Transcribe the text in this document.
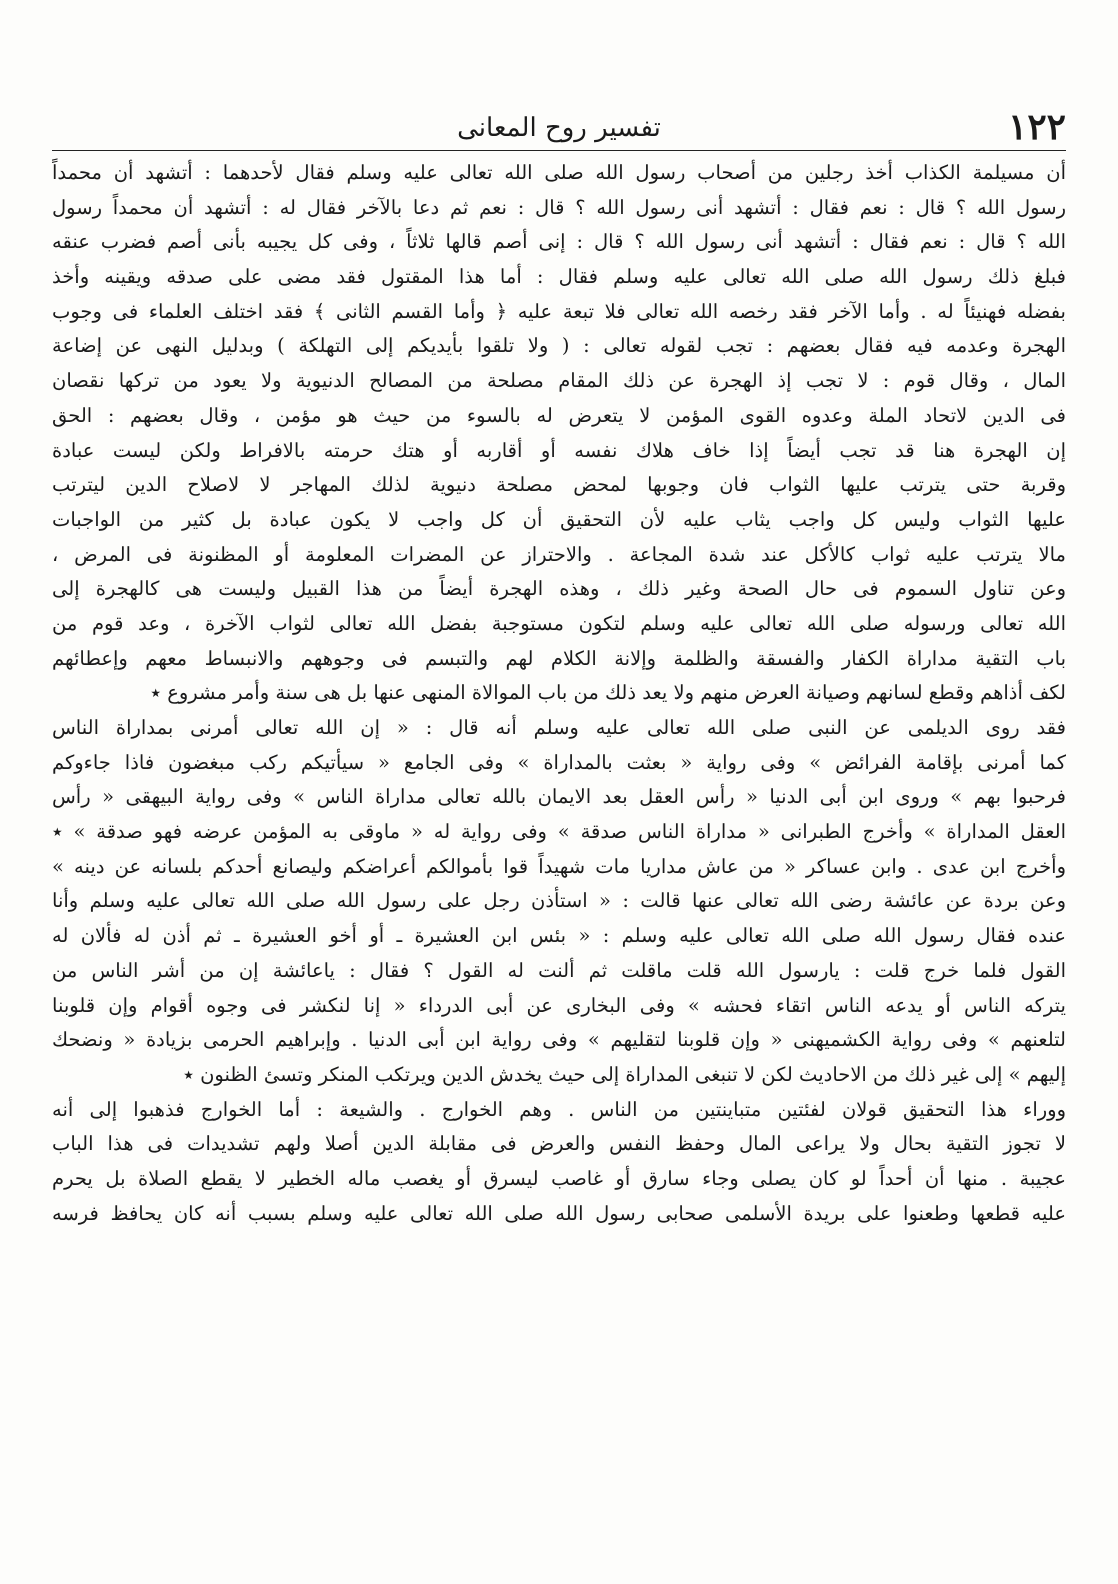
١٢٢
تفسير روح المعانى
أن مسيلمة الكذاب أخذ رجلين من أصحاب رسول الله صلى الله تعالى عليه وسلم فقال لأحدهما : أتشهد أن محمداً
رسول الله ؟ قال : نعم فقال : أتشهد أنى رسول الله ؟ قال : نعم ثم دعا بالآخر فقال له : أتشهد أن محمداً رسول
الله ؟ قال : نعم فقال : أتشهد أنى رسول الله ؟ قال : إنى أصم قالها ثلاثاً ، وفى كل يجيبه بأنى أصم فضرب عنقه
فبلغ ذلك رسول الله صلى الله تعالى عليه وسلم فقال : أما هذا المقتول فقد مضى على صدقه ويقينه وأخذ
بفضله فهنيئاً له . وأما الآخر فقد رخصه الله تعالى فلا تبعة عليه ﴿ وأما القسم الثانى ﴾ فقد اختلف العلماء فى وجوب
الهجرة وعدمه فيه فقال بعضهم : تجب لقوله تعالى : ( ولا تلقوا بأيديكم إلى التهلكة ) وبدليل النهى عن إضاعة
المال ، وقال قوم : لا تجب إذ الهجرة عن ذلك المقام مصلحة من المصالح الدنيوية ولا يعود من تركها نقصان
فى الدين لاتحاد الملة وعدوه القوى المؤمن لا يتعرض له بالسوء من حيث هو مؤمن ، وقال بعضهم : الحق
إن الهجرة هنا قد تجب أيضاً إذا خاف هلاك نفسه أو أقاربه أو هتك حرمته بالافراط ولكن ليست عبادة
وقربة حتى يترتب عليها الثواب فان وجوبها لمحض مصلحة دنيوية لذلك المهاجر لا لاصلاح الدين ليترتب
عليها الثواب وليس كل واجب يثاب عليه لأن التحقيق أن كل واجب لا يكون عبادة بل كثير من الواجبات
مالا يترتب عليه ثواب كالأكل عند شدة المجاعة . والاحتراز عن المضرات المعلومة أو المظنونة فى المرض ،
وعن تناول السموم فى حال الصحة وغير ذلك ، وهذه الهجرة أيضاً من هذا القبيل وليست هى كالهجرة إلى
الله تعالى ورسوله صلى الله تعالى عليه وسلم لتكون مستوجبة بفضل الله تعالى لثواب الآخرة ، وعد قوم من
باب التقية مداراة الكفار والفسقة والظلمة وإلانة الكلام لهم والتبسم فى وجوههم والانبساط معهم وإعطائهم
لكف أذاهم وقطع لسانهم وصيانة العرض منهم ولا يعد ذلك من باب الموالاة المنهى عنها بل هى سنة وأمر مشروع ٭
فقد روى الديلمى عن النبى صلى الله تعالى عليه وسلم أنه قال : « إن الله تعالى أمرنى بمداراة الناس
كما أمرنى بإقامة الفرائض » وفى رواية « بعثت بالمداراة » وفى الجامع « سيأتيكم ركب مبغضون فاذا جاءوكم
فرحبوا بهم » وروى ابن أبى الدنيا « رأس العقل بعد الايمان بالله تعالى مداراة الناس » وفى رواية البيهقى « رأس
العقل المداراة » وأخرج الطبرانى « مداراة الناس صدقة » وفى رواية له « ماوقى به المؤمن عرضه فهو صدقة » ٭
وأخرج ابن عدى . وابن عساكر « من عاش مداريا مات شهيداً قوا بأموالكم أعراضكم وليصانع أحدكم بلسانه عن دينه »
وعن بردة عن عائشة رضى الله تعالى عنها قالت : « استأذن رجل على رسول الله صلى الله تعالى عليه وسلم وأنا
عنده فقال رسول الله صلى الله تعالى عليه وسلم : « بئس ابن العشيرة ـ أو أخو العشيرة ـ ثم أذن له فألان له
القول فلما خرج قلت : يارسول الله قلت ماقلت ثم ألنت له القول ؟ فقال : ياعائشة إن من أشر الناس من
يتركه الناس أو يدعه الناس اتقاء فحشه » وفى البخارى عن أبى الدرداء « إنا لنكشر فى وجوه أقوام وإن قلوبنا
لتلعنهم » وفى رواية الكشميهنى « وإن قلوبنا لتقليهم » وفى رواية ابن أبى الدنيا . وإبراهيم الحرمى بزيادة « ونضحك
إليهم » إلى غير ذلك من الاحاديث لكن لا تنبغى المداراة إلى حيث يخدش الدين ويرتكب المنكر وتسئ الظنون ٭
ووراء هذا التحقيق قولان لفئتين متباينتين من الناس . وهم الخوارج . والشيعة : أما الخوارج فذهبوا إلى أنه
لا تجوز التقية بحال ولا يراعى المال وحفظ النفس والعرض فى مقابلة الدين أصلا ولهم تشديدات فى هذا الباب
عجيبة . منها أن أحداً لو كان يصلى وجاء سارق أو غاصب ليسرق أو يغصب ماله الخطير لا يقطع الصلاة بل يحرم
عليه قطعها وطعنوا على بريدة الأسلمى صحابى رسول الله صلى الله تعالى عليه وسلم بسبب أنه كان يحافظ فرسه
